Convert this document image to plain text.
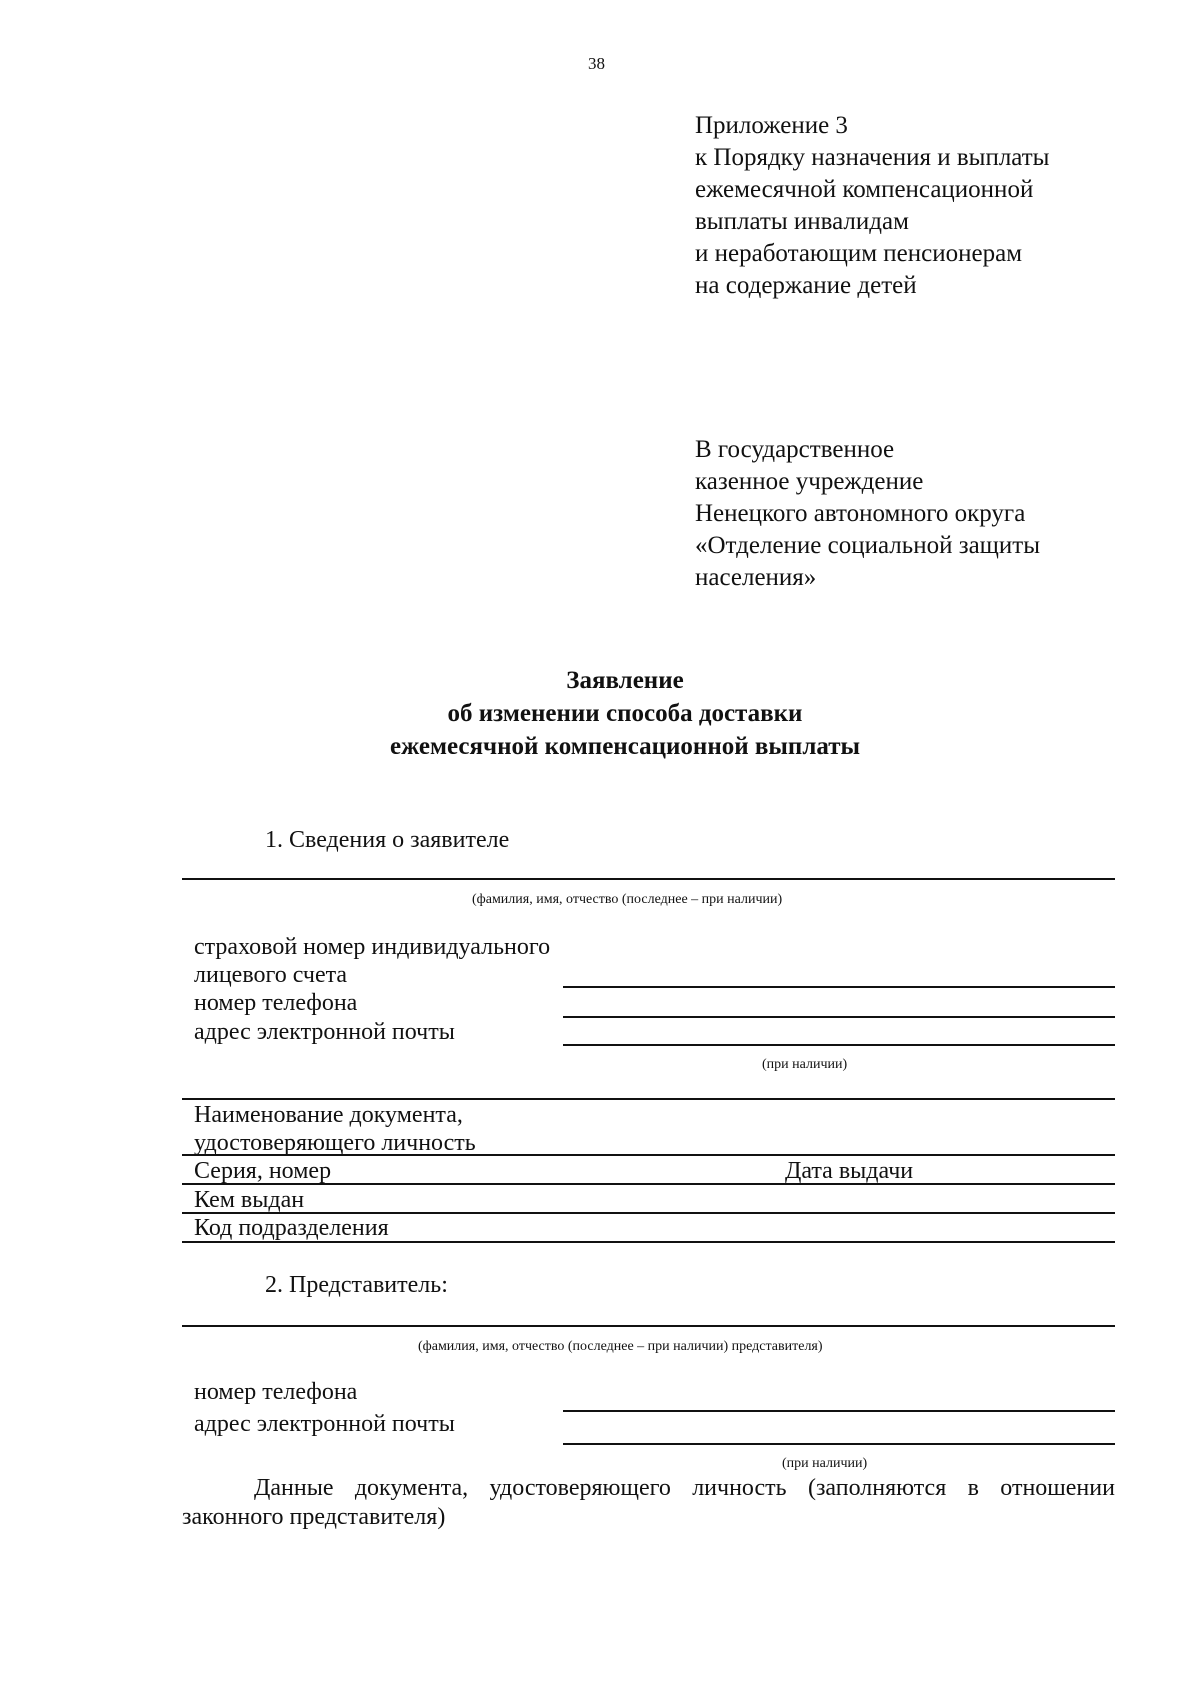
38
Приложение 3
к Порядку назначения и выплаты
ежемесячной компенсационной
выплаты инвалидам
и неработающим пенсионерам
на содержание детей
В государственное
казенное учреждение
Ненецкого автономного округа
«Отделение социальной защиты
населения»
Заявление
об изменении способа доставки
ежемесячной компенсационной выплаты
1. Сведения о заявителе
(фамилия, имя, отчество (последнее – при наличии)
страховой номер индивидуального
лицевого счета
номер телефона
адрес электронной почты
(при наличии)
Наименование документа,
удостоверяющего личность
Серия, номер	Дата выдачи
Кем выдан
Код подразделения
2. Представитель:
(фамилия, имя, отчество (последнее – при наличии) представителя)
номер телефона
адрес электронной почты
(при наличии)
Данные документа, удостоверяющего личность (заполняются в отношении
законного представителя)
